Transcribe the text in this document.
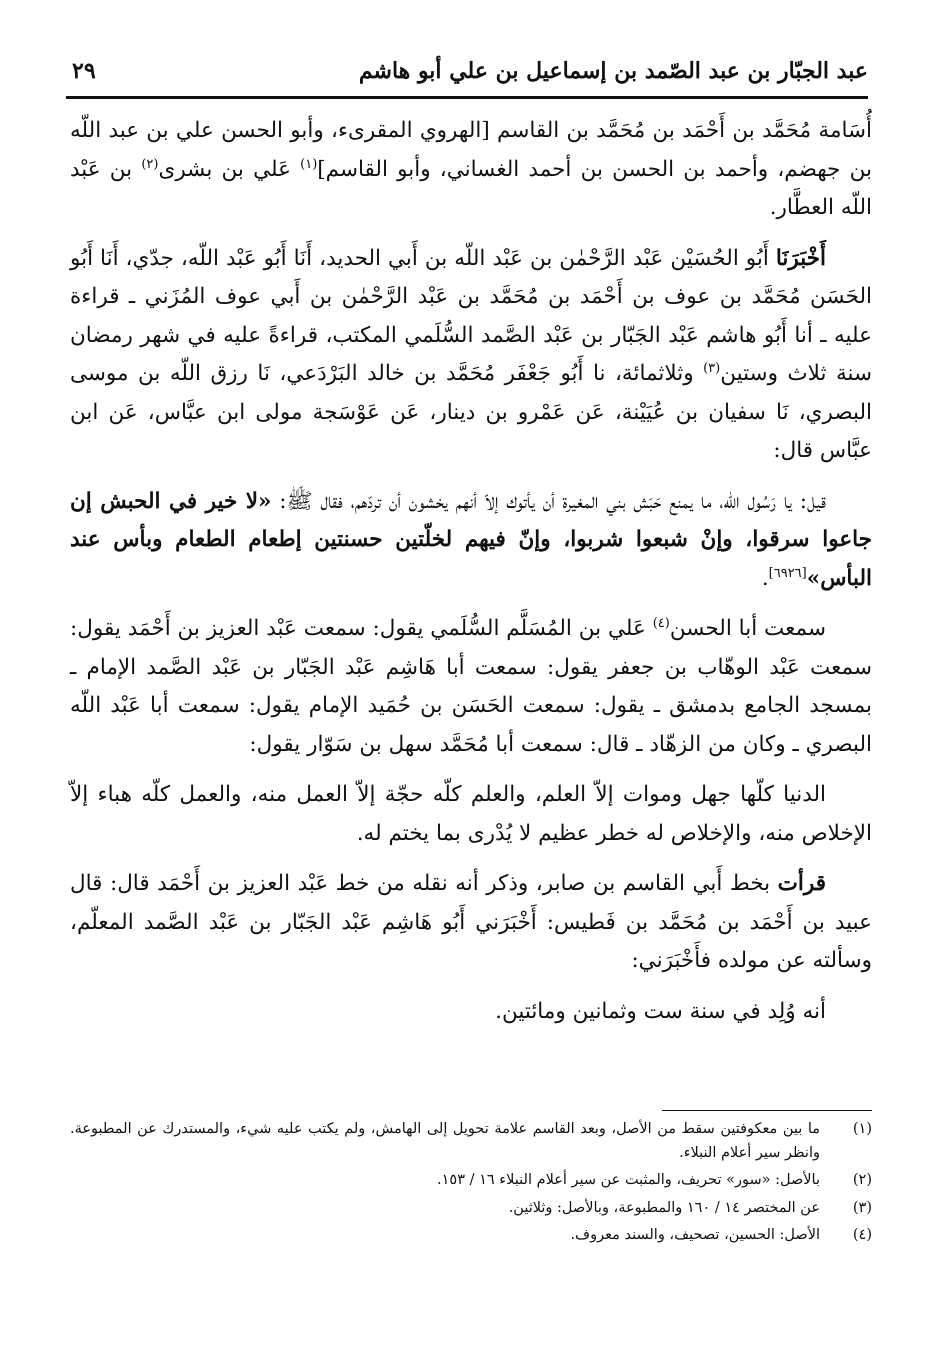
عبد الجبّار بن عبد الصّمد بن إسماعيل بن علي أبو هاشم
٢٩

أُسَامة مُحَمَّد بن أَحْمَد بن مُحَمَّد بن القاسم [الهروي المقرىء، وأبو الحسن علي بن عبد اللّه بن جهضم، وأحمد بن الحسن بن أحمد الغساني، وأبو القاسم]$^{(١)}$ عَلي بن بشرى$^{(٢)}$ بن عَبْد اللّه العطَّار.

أَخْبَرَنَا أَبُو الحُسَيْن عَبْد الرَّحْمٰن بن عَبْد اللّه بن أَبي الحديد، أَنَا أَبُو عَبْد اللّه، جدّي، أَنَا أَبُو الحَسَن مُحَمَّد بن عوف بن أَحْمَد بن مُحَمَّد بن عَبْد الرَّحْمٰن بن أَبي عوف المُزَني ـ قراءة عليه ـ أنا أَبُو هاشم عَبْد الجَبّار بن عَبْد الصَّمد السُّلَمي المكتب، قراءةً عليه في شهر رمضان سنة ثلاث وستين$^{(٣)}$ وثلاثمائة، نا أَبُو جَعْفَر مُحَمَّد بن خالد البَرْدَعي، نَا رزق اللّه بن موسى البصري، نَا سفيان بن عُيَيْنة، عَن عَمْرو بن دينار، عَن عَوْسَجة مولى ابن عبَّاس، عَن ابن عبَّاس قال:

قيل: يا رَسُول الله، ما يمنع حَبَش بني المغيرة أن يأتوك إلاّ أنهم يخشون أن تردّهم، فقال ﷺ: «لا خير في الحبش إن جاعوا سرقوا، وإنْ شبعوا شربوا، وإنّ فيهم لخلّتين حسنتين إطعام الطعام وبأس عند البأس»[٦٩٢٦].

سمعت أبا الحسن$^{(٤)}$ عَلي بن المُسَلَّم السُّلَمي يقول: سمعت عَبْد العزيز بن أَحْمَد يقول: سمعت عَبْد الوهّاب بن جعفر يقول: سمعت أبا هَاشِم عَبْد الجَبّار بن عَبْد الصَّمد الإمام ـ بمسجد الجامع بدمشق ـ يقول: سمعت الحَسَن بن حُمَيد الإمام يقول: سمعت أبا عَبْد اللّه البصري ـ وكان من الزهّاد ـ قال: سمعت أبا مُحَمَّد سهل بن سَوّار يقول:

الدنيا كلّها جهل وموات إلاّ العلم، والعلم كلّه حجّة إلاّ العمل منه، والعمل كلّه هباء إلاّ الإخلاص منه، والإخلاص له خطر عظيم لا يُدْرى بما يختم له.

قرأت بخط أَبي القاسم بن صابر، وذكر أنه نقله من خط عَبْد العزيز بن أَحْمَد قال: قال عبيد بن أَحْمَد بن مُحَمَّد بن فَطيس: أَخْبَرَني أَبُو هَاشِم عَبْد الجَبّار بن عَبْد الصَّمد المعلّم، وسألته عن مولده فأَخْبَرَني:

أنه وُلِد في سنة ست وثمانين ومائتين.

(١)
ما بين معكوفتين سقط من الأصل، وبعد القاسم علامة تحويل إلى الهامش، ولم يكتب عليه شيء، والمستدرك عن المطبوعة. وانظر سير أعلام النبلاء.
(٢)
بالأصل: «سور» تحريف، والمثبت عن سير أعلام النبلاء ١٦ / ١٥٣.
(٣)
عن المختصر ١٤ / ١٦٠ والمطبوعة، وبالأصل: وثلاثين.
(٤)
الأصل: الحسين، تصحيف، والسند معروف.
